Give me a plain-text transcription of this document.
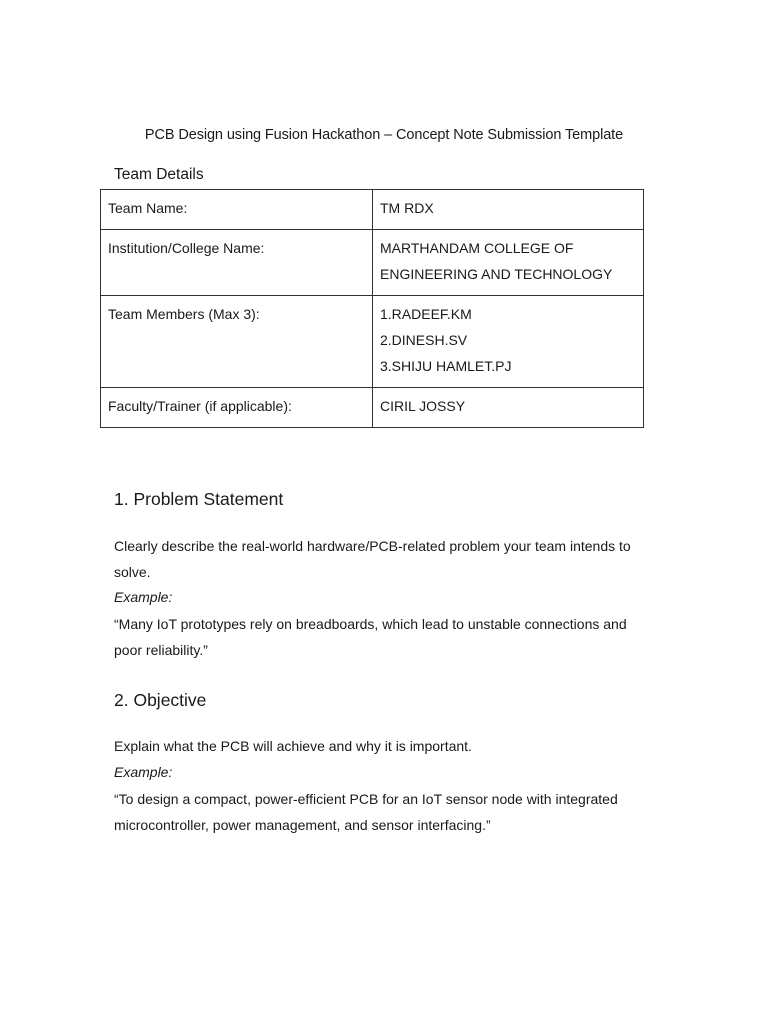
PCB Design using Fusion Hackathon – Concept Note Submission Template
Team Details
Team Name:	TM RDX
Institution/College Name:	MARTHANDAM COLLEGE OF
ENGINEERING AND TECHNOLOGY

Team Members (Max 3):	1.RADEEF.KM
2.DINESH.SV
3.SHIJU HAMLET.PJ

Faculty/Trainer (if applicable):	CIRIL JOSSY
1. Problem Statement
Clearly describe the real-world hardware/PCB-related problem your team intends to solve.
Example:
“Many IoT prototypes rely on breadboards, which lead to unstable connections and poor reliability.”
2. Objective
Explain what the PCB will achieve and why it is important.
Example:
“To design a compact, power-efficient PCB for an IoT sensor node with integrated microcontroller, power management, and sensor interfacing.”
